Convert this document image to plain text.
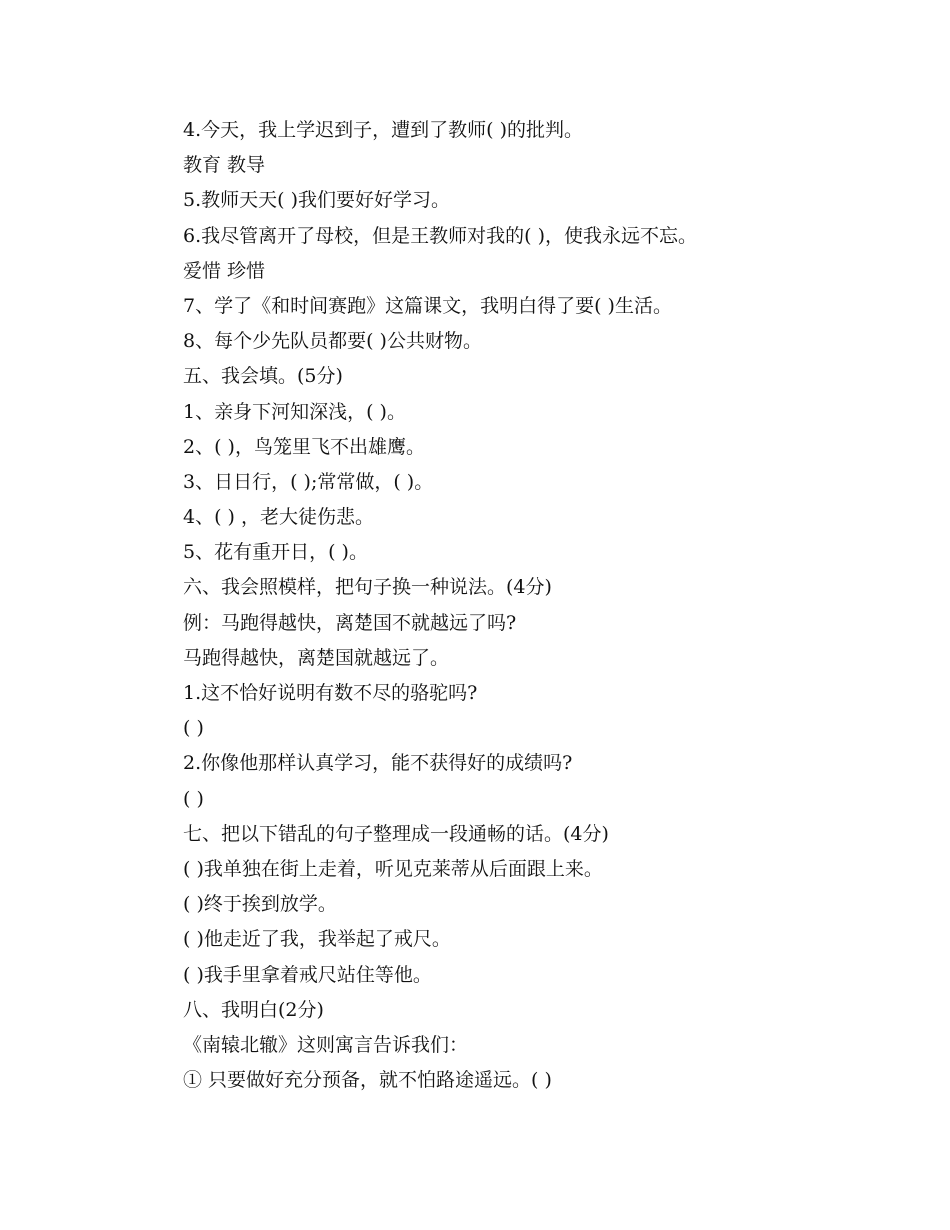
4.今天，我上学迟到子，遭到了教师( )的批判。
教育 教导
5.教师天天( )我们要好好学习。
6.我尽管离开了母校，但是王教师对我的( )，使我永远不忘。
爱惜 珍惜
7、学了《和时间赛跑》这篇课文，我明白得了要( )生活。
8、每个少先队员都要( )公共财物。
五、我会填。(5分)
1、亲身下河知深浅，( )。
2、( )，鸟笼里飞不出雄鹰。
3、日日行，( );常常做，( )。
4、( ) ，老大徒伤悲。
5、花有重开日，( )。
六、我会照模样，把句子换一种说法。(4分)
例：马跑得越快，离楚国不就越远了吗?
马跑得越快，离楚国就越远了。
1.这不恰好说明有数不尽的骆驼吗?
( )
2.你像他那样认真学习，能不获得好的成绩吗?
( )
七、把以下错乱的句子整理成一段通畅的话。(4分)
( )我单独在街上走着，听见克莱蒂从后面跟上来。
( )终于挨到放学。
( )他走近了我，我举起了戒尺。
( )我手里拿着戒尺站住等他。
八、我明白(2分)
《南辕北辙》这则寓言告诉我们：
① 只要做好充分预备，就不怕路途遥远。( )
